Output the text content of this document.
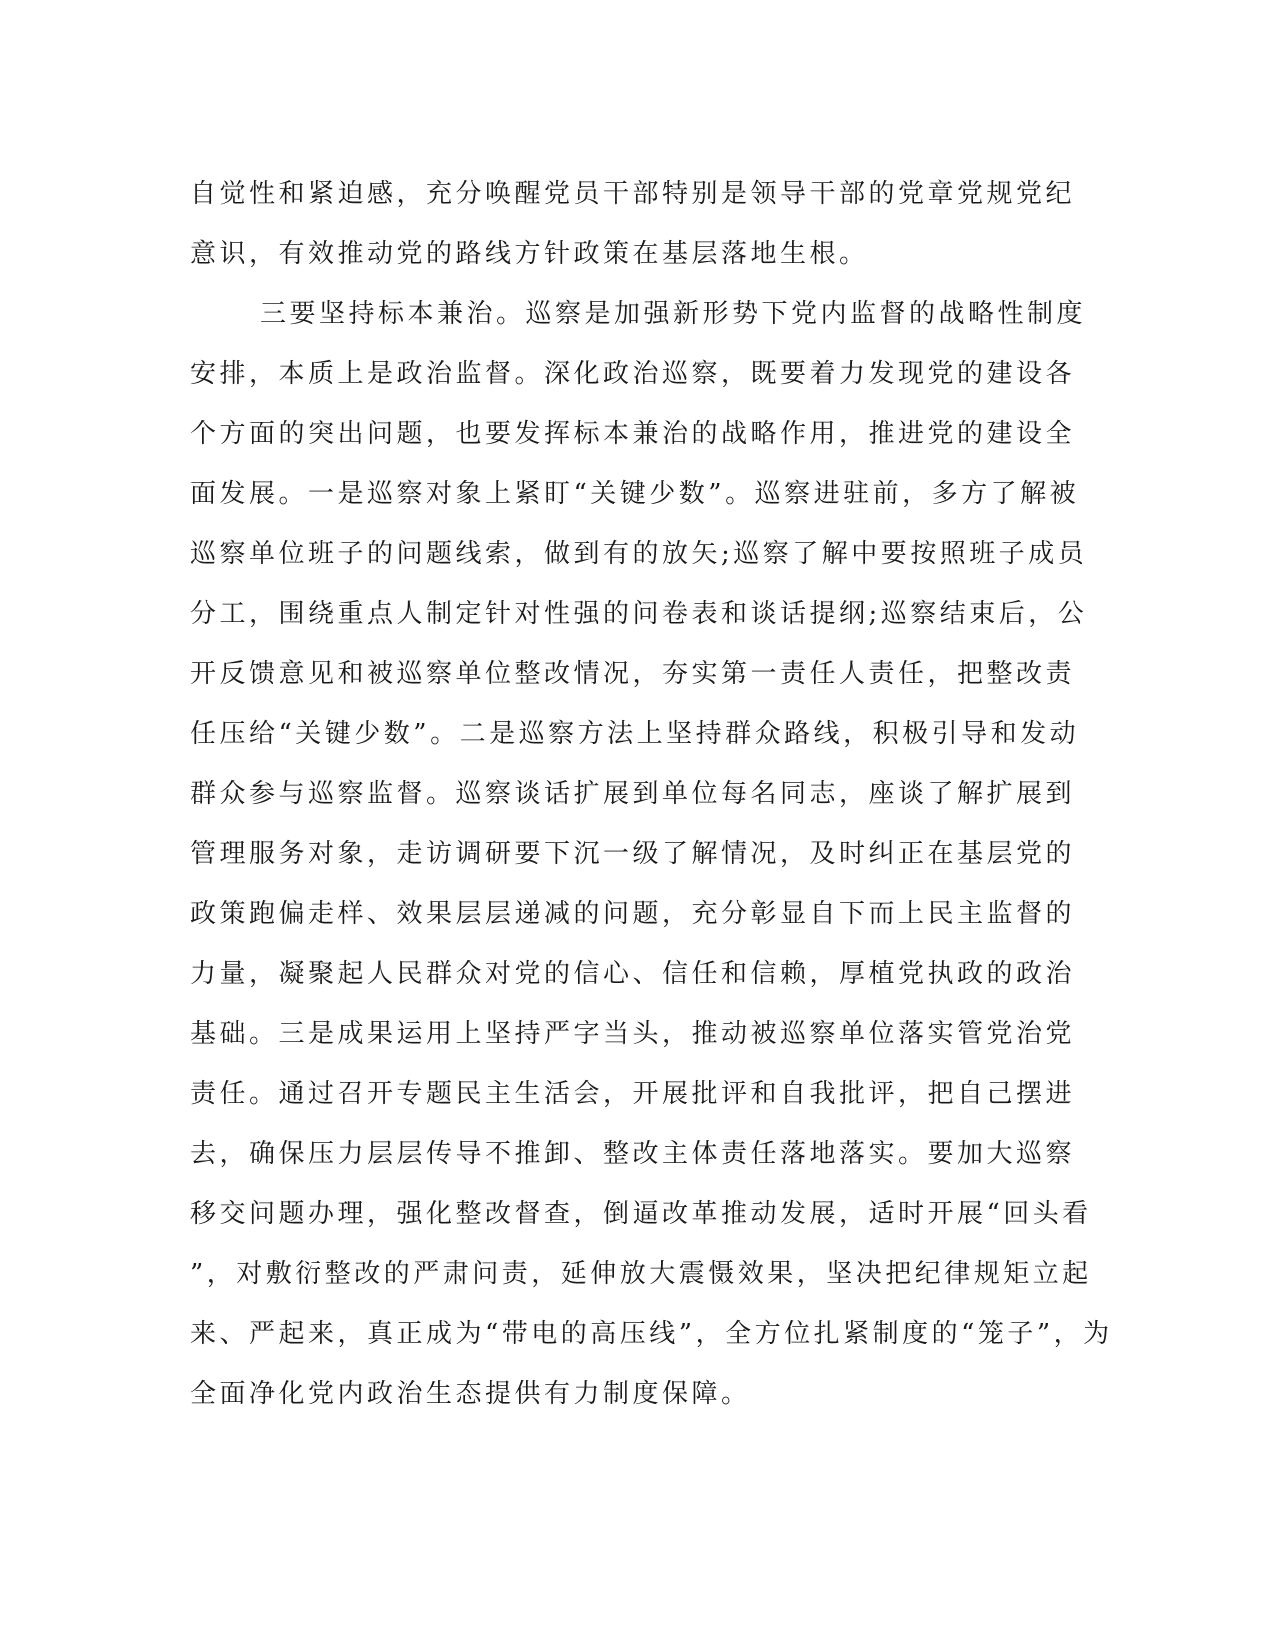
自觉性和紧迫感，充分唤醒党员干部特别是领导干部的党章党规党纪
意识，有效推动党的路线方针政策在基层落地生根。
三要坚持标本兼治。巡察是加强新形势下党内监督的战略性制度
安排，本质上是政治监督。深化政治巡察，既要着力发现党的建设各
个方面的突出问题，也要发挥标本兼治的战略作用，推进党的建设全
面发展。一是巡察对象上紧盯“关键少数”。巡察进驻前，多方了解被
巡察单位班子的问题线索，做到有的放矢;巡察了解中要按照班子成员
分工，围绕重点人制定针对性强的问卷表和谈话提纲;巡察结束后，公
开反馈意见和被巡察单位整改情况，夯实第一责任人责任，把整改责
任压给“关键少数”。二是巡察方法上坚持群众路线，积极引导和发动
群众参与巡察监督。巡察谈话扩展到单位每名同志，座谈了解扩展到
管理服务对象，走访调研要下沉一级了解情况，及时纠正在基层党的
政策跑偏走样、效果层层递减的问题，充分彰显自下而上民主监督的
力量，凝聚起人民群众对党的信心、信任和信赖，厚植党执政的政治
基础。三是成果运用上坚持严字当头，推动被巡察单位落实管党治党
责任。通过召开专题民主生活会，开展批评和自我批评，把自己摆进
去，确保压力层层传导不推卸、整改主体责任落地落实。要加大巡察
移交问题办理，强化整改督查，倒逼改革推动发展，适时开展“回头看
”，对敷衍整改的严肃问责，延伸放大震慑效果，坚决把纪律规矩立起
来、严起来，真正成为“带电的高压线”，全方位扎紧制度的“笼子”，为
全面净化党内政治生态提供有力制度保障。
